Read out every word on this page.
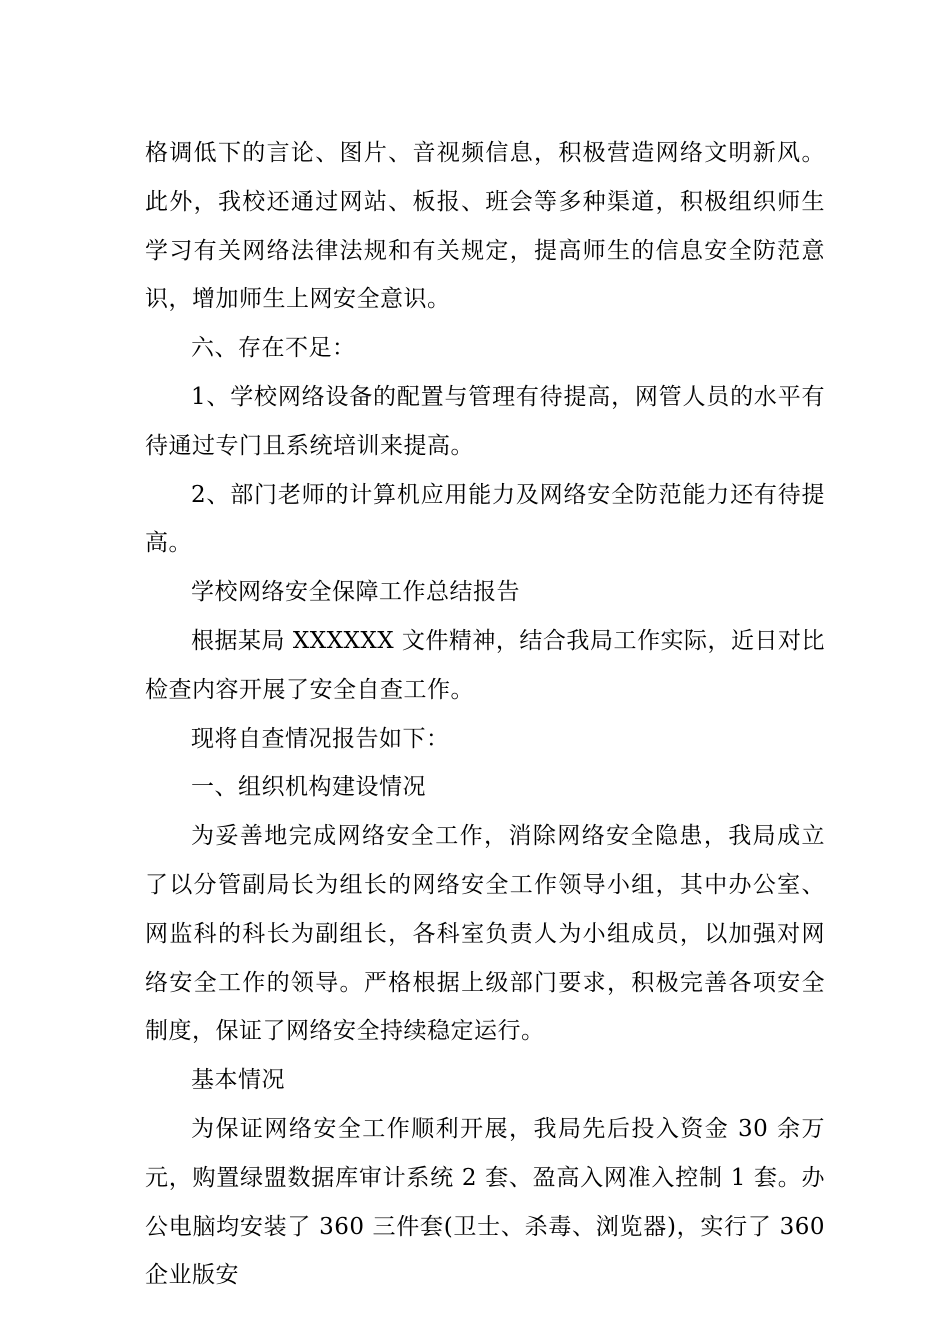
格调低下的言论、图片、音视频信息，积极营造网络文明新风。此外，我校还通过网站、板报、班会等多种渠道，积极组织师生学习有关网络法律法规和有关规定，提高师生的信息安全防范意识，增加师生上网安全意识。

六、存在不足：

1、学校网络设备的配置与管理有待提高，网管人员的水平有待通过专门且系统培训来提高。

2、部门老师的计算机应用能力及网络安全防范能力还有待提高。

学校网络安全保障工作总结报告

根据某局 XXXXXX 文件精神，结合我局工作实际，近日对比检查内容开展了安全自查工作。

现将自查情况报告如下：

一、组织机构建设情况

为妥善地完成网络安全工作，消除网络安全隐患，我局成立了以分管副局长为组长的网络安全工作领导小组，其中办公室、网监科的科长为副组长，各科室负责人为小组成员，以加强对网络安全工作的领导。严格根据上级部门要求，积极完善各项安全制度，保证了网络安全持续稳定运行。

基本情况

为保证网络安全工作顺利开展，我局先后投入资金 30 余万元，购置绿盟数据库审计系统 2 套、盈高入网准入控制 1 套。办公电脑均安装了 360 三件套(卫士、杀毒、浏览器)，实行了 360 企业版安
